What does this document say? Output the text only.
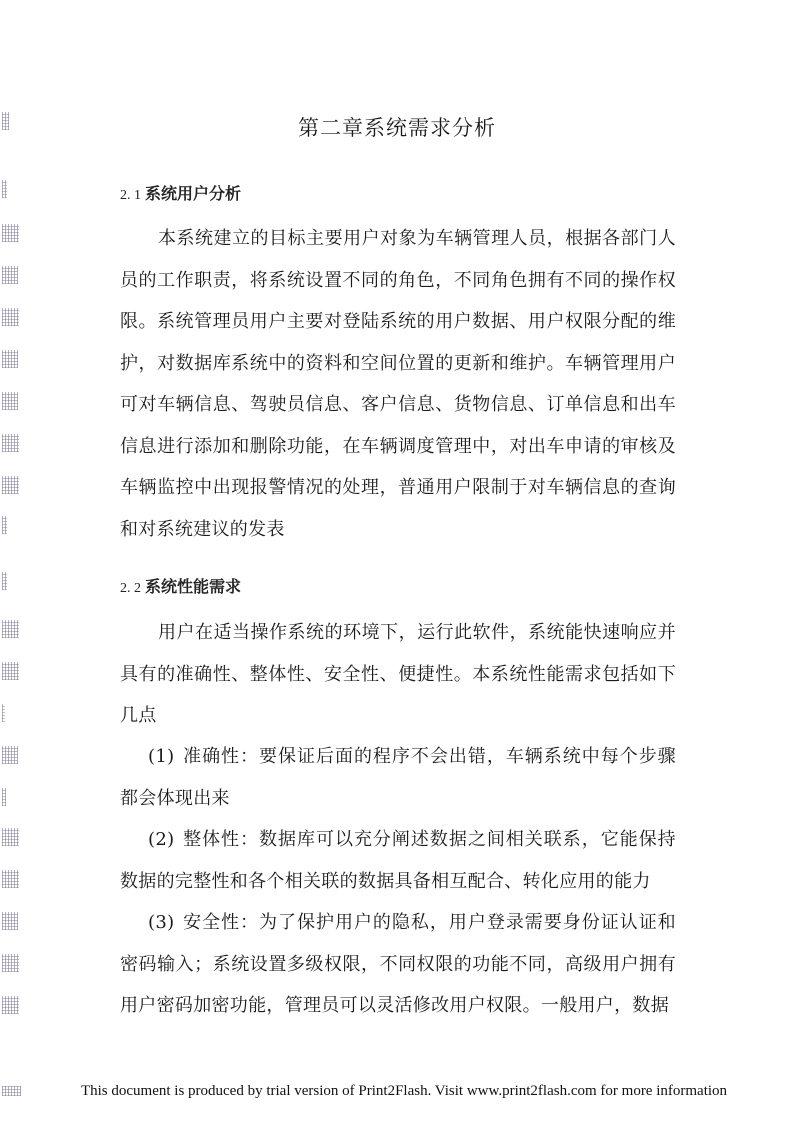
第二章系统需求分析
2. 1 系统用户分析

本系统建立的目标主要用户对象为车辆管理人员，根据各部门人员的工作职责，将系统设置不同的角色，不同角色拥有不同的操作权限。系统管理员用户主要对登陆系统的用户数据、用户权限分配的维护，对数据库系统中的资料和空间位置的更新和维护。车辆管理用户可对车辆信息、驾驶员信息、客户信息、货物信息、订单信息和出车信息进行添加和删除功能，在车辆调度管理中，对出车申请的审核及车辆监控中出现报警情况的处理，普通用户限制于对车辆信息的查询和对系统建议的发表

2. 2 系统性能需求

用户在适当操作系统的环境下，运行此软件，系统能快速响应并具有的准确性、整体性、安全性、便捷性。本系统性能需求包括如下几点

(1) 准确性：要保证后面的程序不会出错，车辆系统中每个步骤都会体现出来

(2) 整体性：数据库可以充分阐述数据之间相关联系，它能保持数据的完整性和各个相关联的数据具备相互配合、转化应用的能力

(3) 安全性：为了保护用户的隐私，用户登录需要身份证认证和密码输入；系统设置多级权限，不同权限的功能不同，高级用户拥有用户密码加密功能，管理员可以灵活修改用户权限。一般用户，数据

This document is produced by trial version of Print2Flash. Visit www.print2flash.com for more information
